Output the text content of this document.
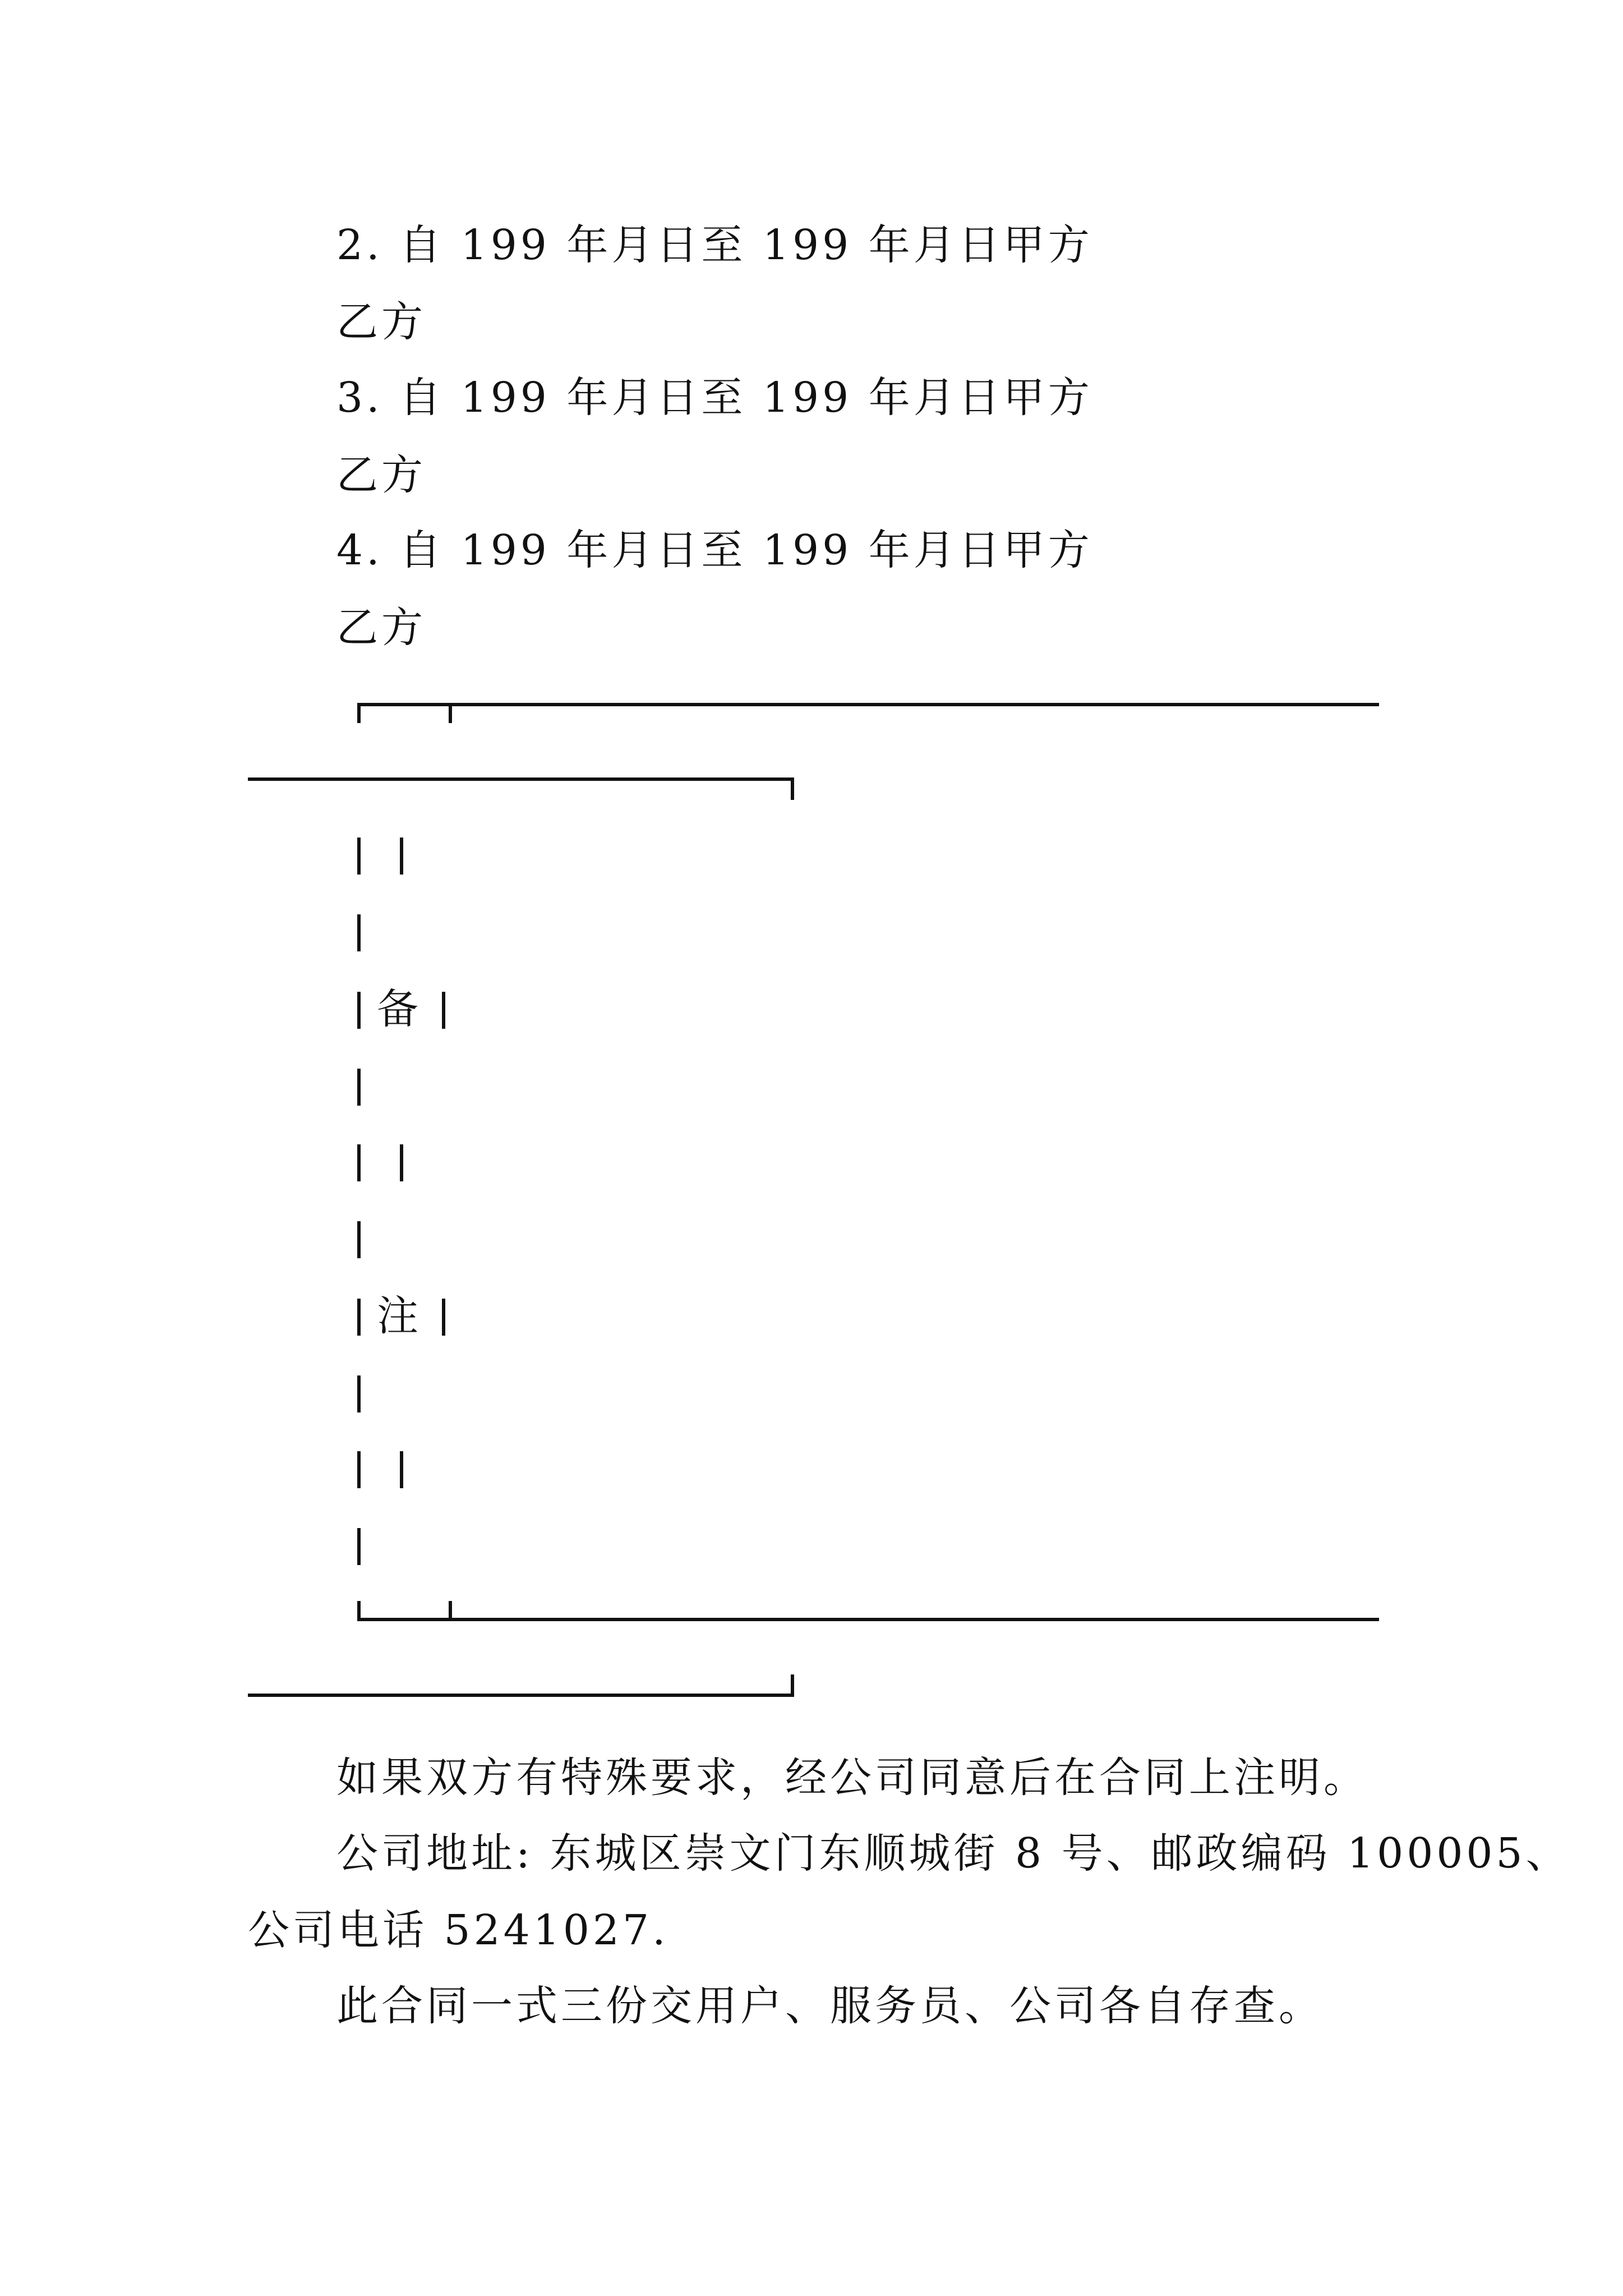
2. 自 199 年月日至 199 年月日甲方
乙方
3. 自 199 年月日至 199 年月日甲方
乙方
4. 自 199 年月日至 199 年月日甲方
乙方
备
注
如果双方有特殊要求，经公司同意后在合同上注明。
公司地址: 东城区崇文门东顺城街 8 号、邮政编码 100005、
公司电话 5241027.
此合同一式三份交用户、服务员、公司各自存查。
